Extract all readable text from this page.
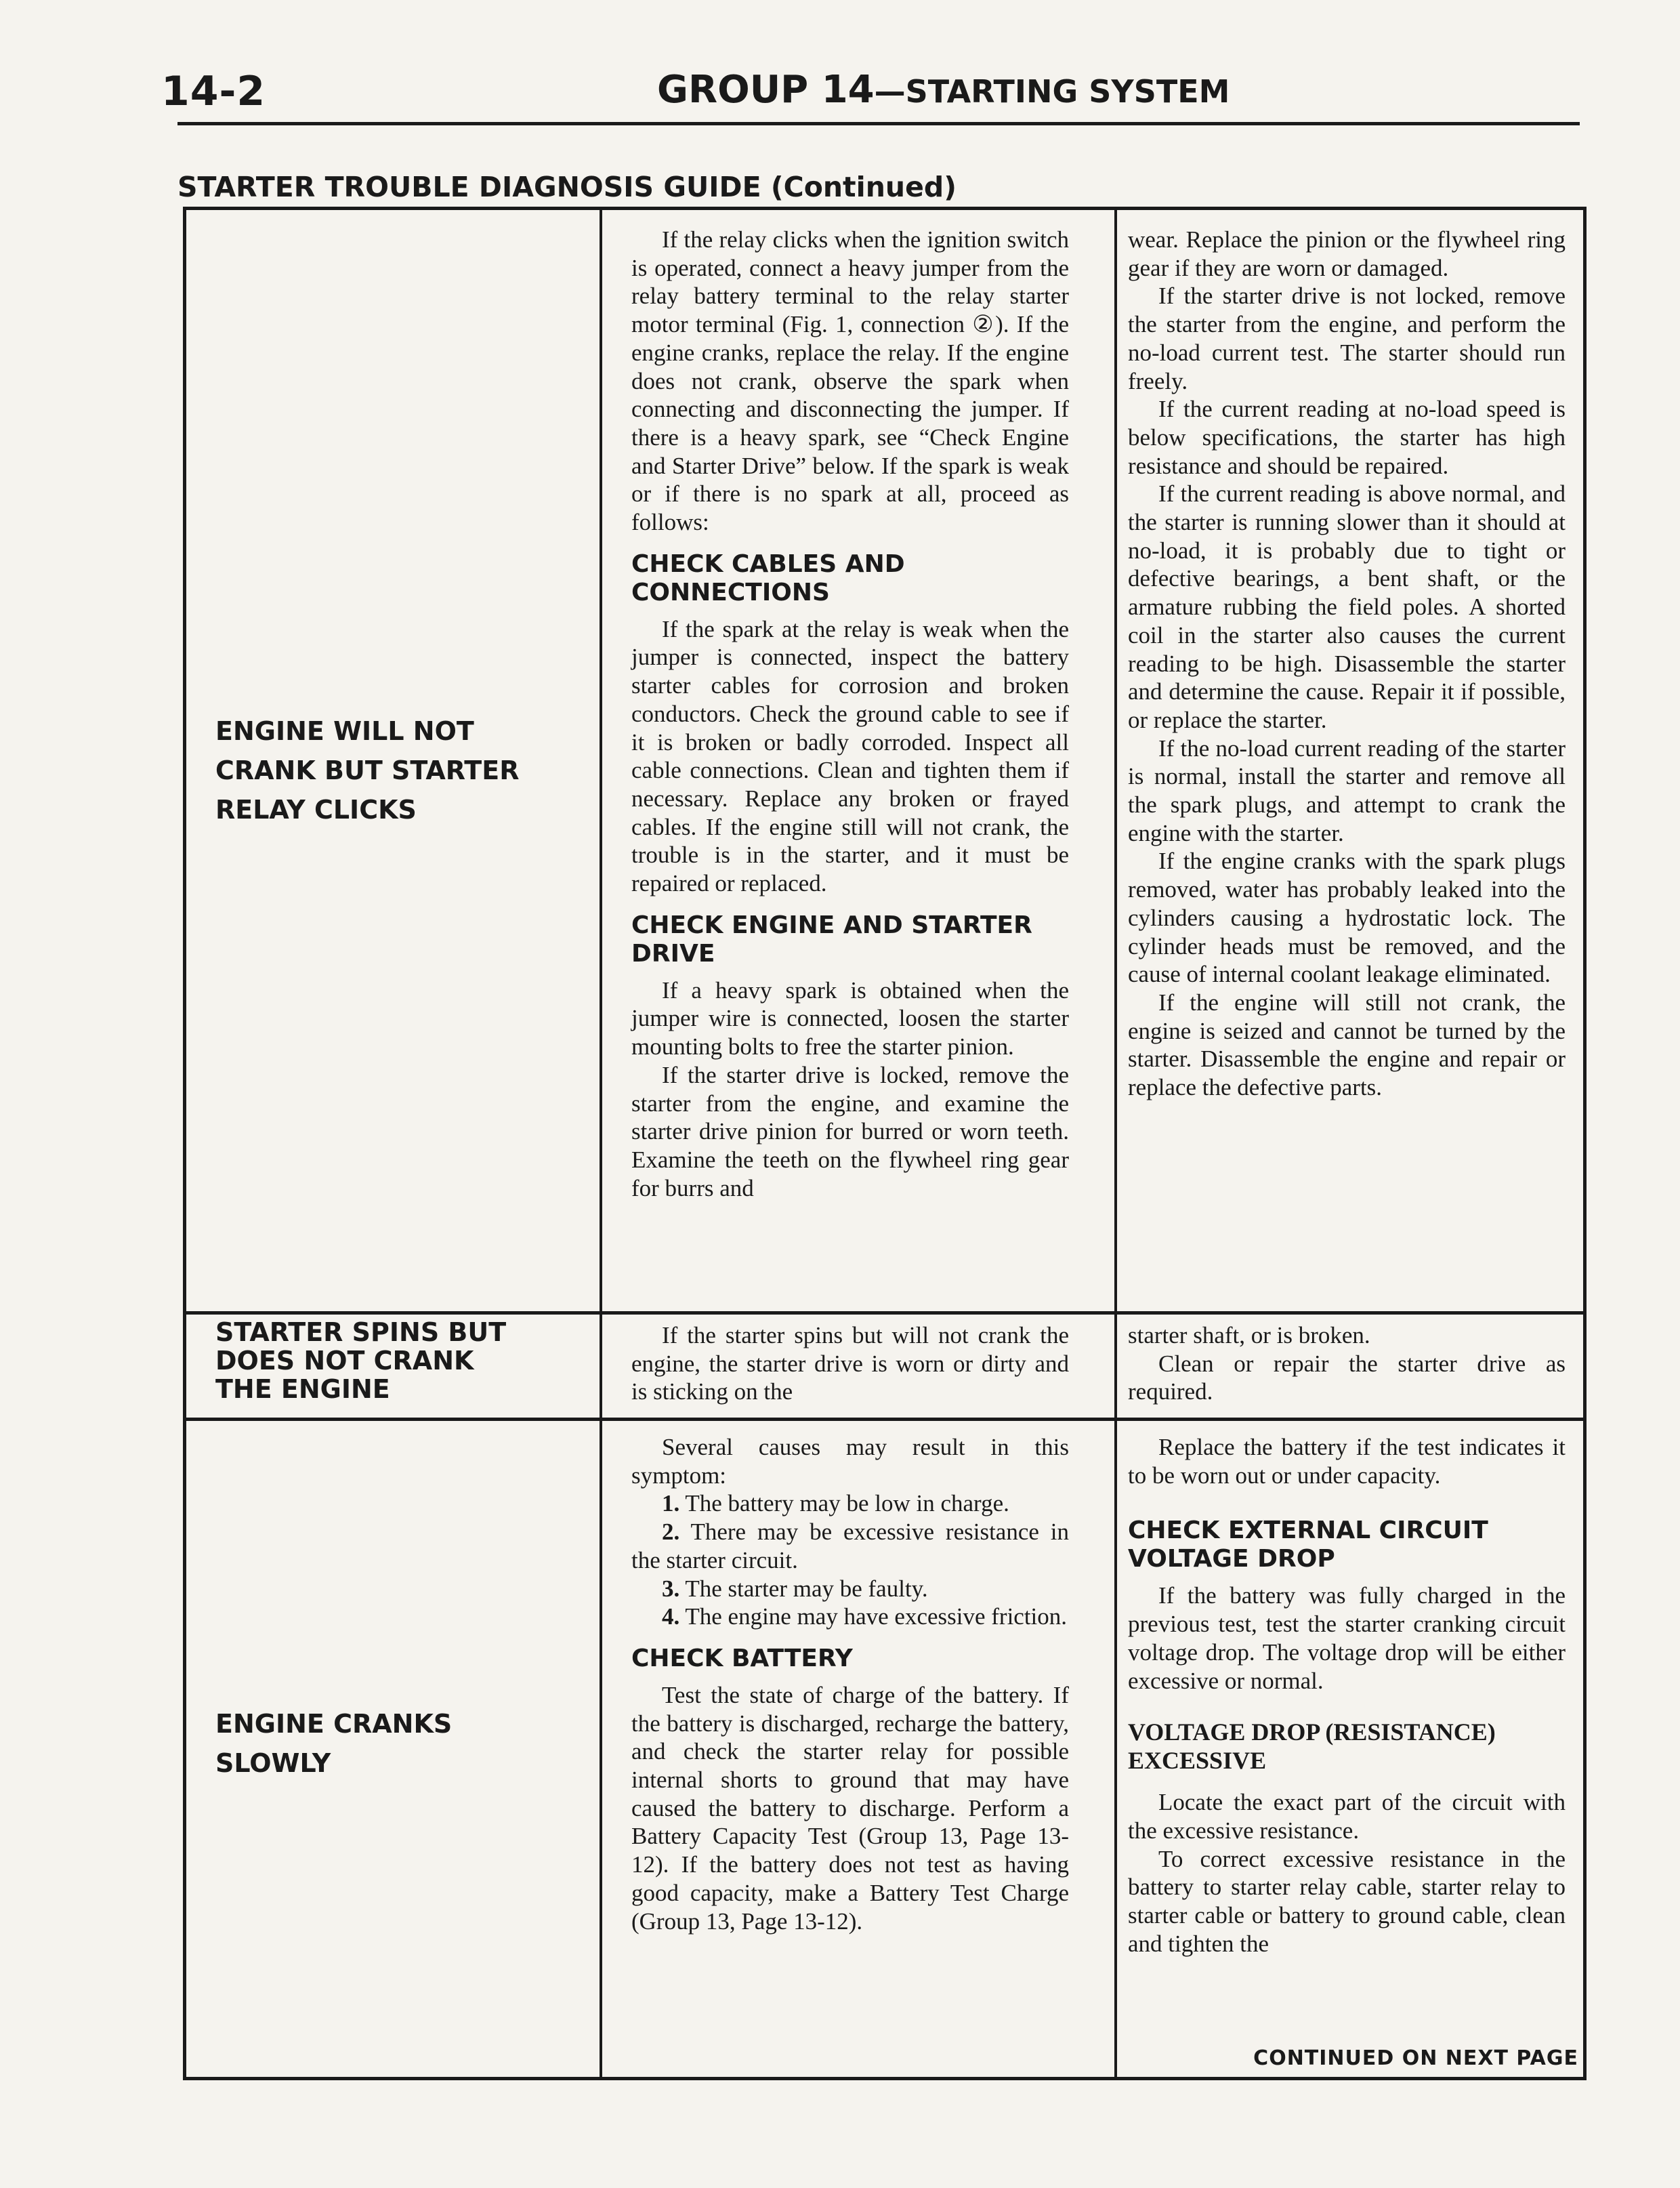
14-2	GROUP 14—STARTING SYSTEM
STARTER TROUBLE DIAGNOSIS GUIDE (Continued)
ENGINE WILL NOT
CRANK BUT STARTER
RELAY CLICKS

If the relay clicks when the ignition switch is operated, connect a heavy jumper from the relay battery terminal to the relay starter motor terminal (Fig. 1, connection ②). If the engine cranks, replace the relay. If the engine does not crank, observe the spark when connecting and disconnecting the jumper. If there is a heavy spark, see “Check Engine and Starter Drive” below. If the spark is weak or if there is no spark at all, proceed as follows:

CHECK CABLES AND CONNECTIONS

If the spark at the relay is weak when the jumper is connected, inspect the battery starter cables for corrosion and broken conductors. Check the ground cable to see if it is broken or badly corroded. Inspect all cable connections. Clean and tighten them if necessary. Replace any broken or frayed cables. If the engine still will not crank, the trouble is in the starter, and it must be repaired or replaced.

CHECK ENGINE AND STARTER DRIVE

If a heavy spark is obtained when the jumper wire is connected, loosen the starter mounting bolts to free the starter pinion.

If the starter drive is locked, remove the starter from the engine, and examine the starter drive pinion for burred or worn teeth. Examine the teeth on the flywheel ring gear for burrs and

wear. Replace the pinion or the flywheel ring gear if they are worn or damaged.

If the starter drive is not locked, remove the starter from the engine, and perform the no-load current test. The starter should run freely.

If the current reading at no-load speed is below specifications, the starter has high resistance and should be repaired.

If the current reading is above normal, and the starter is running slower than it should at no-load, it is probably due to tight or defective bearings, a bent shaft, or the armature rubbing the field poles. A shorted coil in the starter also causes the current reading to be high. Disassemble the starter and determine the cause. Repair it if possible, or replace the starter.

If the no-load current reading of the starter is normal, install the starter and remove all the spark plugs, and attempt to crank the engine with the starter.

If the engine cranks with the spark plugs removed, water has probably leaked into the cylinders causing a hydrostatic lock. The cylinder heads must be removed, and the cause of internal coolant leakage eliminated.

If the engine will still not crank, the engine is seized and cannot be turned by the starter. Disassemble the engine and repair or replace the defective parts.

STARTER SPINS BUT
DOES NOT CRANK
THE ENGINE

If the starter spins but will not crank the engine, the starter drive is worn or dirty and is sticking on the

starter shaft, or is broken.

Clean or repair the starter drive as required.

ENGINE CRANKS
SLOWLY

Several causes may result in this symptom:

1. The battery may be low in charge.

2. There may be excessive resistance in the starter circuit.

3. The starter may be faulty.

4. The engine may have excessive friction.

CHECK BATTERY

Test the state of charge of the battery. If the battery is discharged, recharge the battery, and check the starter relay for possible internal shorts to ground that may have caused the battery to discharge. Perform a Battery Capacity Test (Group 13, Page 13-12). If the battery does not test as having good capacity, make a Battery Test Charge (Group 13, Page 13-12).

Replace the battery if the test indicates it to be worn out or under capacity.

CHECK EXTERNAL CIRCUIT VOLTAGE DROP

If the battery was fully charged in the previous test, test the starter cranking circuit voltage drop. The voltage drop will be either excessive or normal.

VOLTAGE DROP (RESISTANCE) EXCESSIVE

Locate the exact part of the circuit with the excessive resistance.

To correct excessive resistance in the battery to starter relay cable, starter relay to starter cable or battery to ground cable, clean and tighten the

CONTINUED ON NEXT PAGE
